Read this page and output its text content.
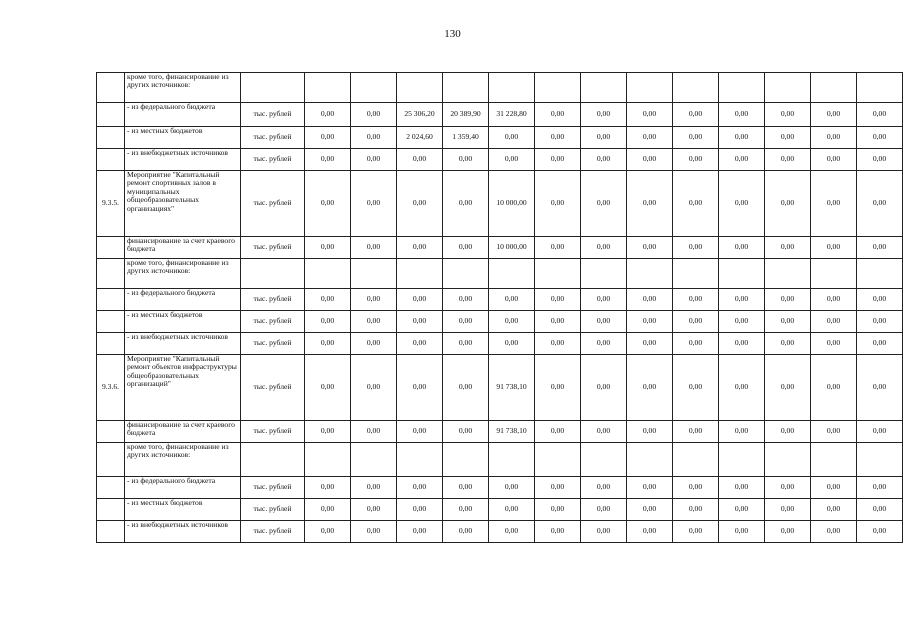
130
	кроме того, финансирование из других источников:														
	- из федерального бюджета	тыс. рублей	0,00	0,00	25 306,20	20 389,90	31 228,80	0,00	0,00	0,00	0,00	0,00	0,00	0,00	0,00
	- из местных бюджетов	тыс. рублей	0,00	0,00	2 024,60	1 359,40	0,00	0,00	0,00	0,00	0,00	0,00	0,00	0,00	0,00
	- из внебюджетных источников	тыс. рублей	0,00	0,00	0,00	0,00	0,00	0,00	0,00	0,00	0,00	0,00	0,00	0,00	0,00
9.3.5.	Мероприятие "Капитальный ремонт спортивных залов в муниципальных общеобразовательных организациях"	тыс. рублей	0,00	0,00	0,00	0,00	10 000,00	0,00	0,00	0,00	0,00	0,00	0,00	0,00	0,00
	финансирование за счет краевого бюджета	тыс. рублей	0,00	0,00	0,00	0,00	10 000,00	0,00	0,00	0,00	0,00	0,00	0,00	0,00	0,00
	кроме того, финансирование из других источников:														
	- из федерального бюджета	тыс. рублей	0,00	0,00	0,00	0,00	0,00	0,00	0,00	0,00	0,00	0,00	0,00	0,00	0,00
	- из местных бюджетов	тыс. рублей	0,00	0,00	0,00	0,00	0,00	0,00	0,00	0,00	0,00	0,00	0,00	0,00	0,00
	- из внебюджетных источников	тыс. рублей	0,00	0,00	0,00	0,00	0,00	0,00	0,00	0,00	0,00	0,00	0,00	0,00	0,00
9.3.6.	Мероприятие "Капитальный ремонт объектов инфраструктуры общеобразовательных организаций"	тыс. рублей	0,00	0,00	0,00	0,00	91 738,10	0,00	0,00	0,00	0,00	0,00	0,00	0,00	0,00
	финансирование за счет краевого бюджета	тыс. рублей	0,00	0,00	0,00	0,00	91 738,10	0,00	0,00	0,00	0,00	0,00	0,00	0,00	0,00
	кроме того, финансирование из других источников:														
	- из федерального бюджета	тыс. рублей	0,00	0,00	0,00	0,00	0,00	0,00	0,00	0,00	0,00	0,00	0,00	0,00	0,00
	- из местных бюджетов	тыс. рублей	0,00	0,00	0,00	0,00	0,00	0,00	0,00	0,00	0,00	0,00	0,00	0,00	0,00
	- из внебюджетных источников	тыс. рублей	0,00	0,00	0,00	0,00	0,00	0,00	0,00	0,00	0,00	0,00	0,00	0,00	0,00
